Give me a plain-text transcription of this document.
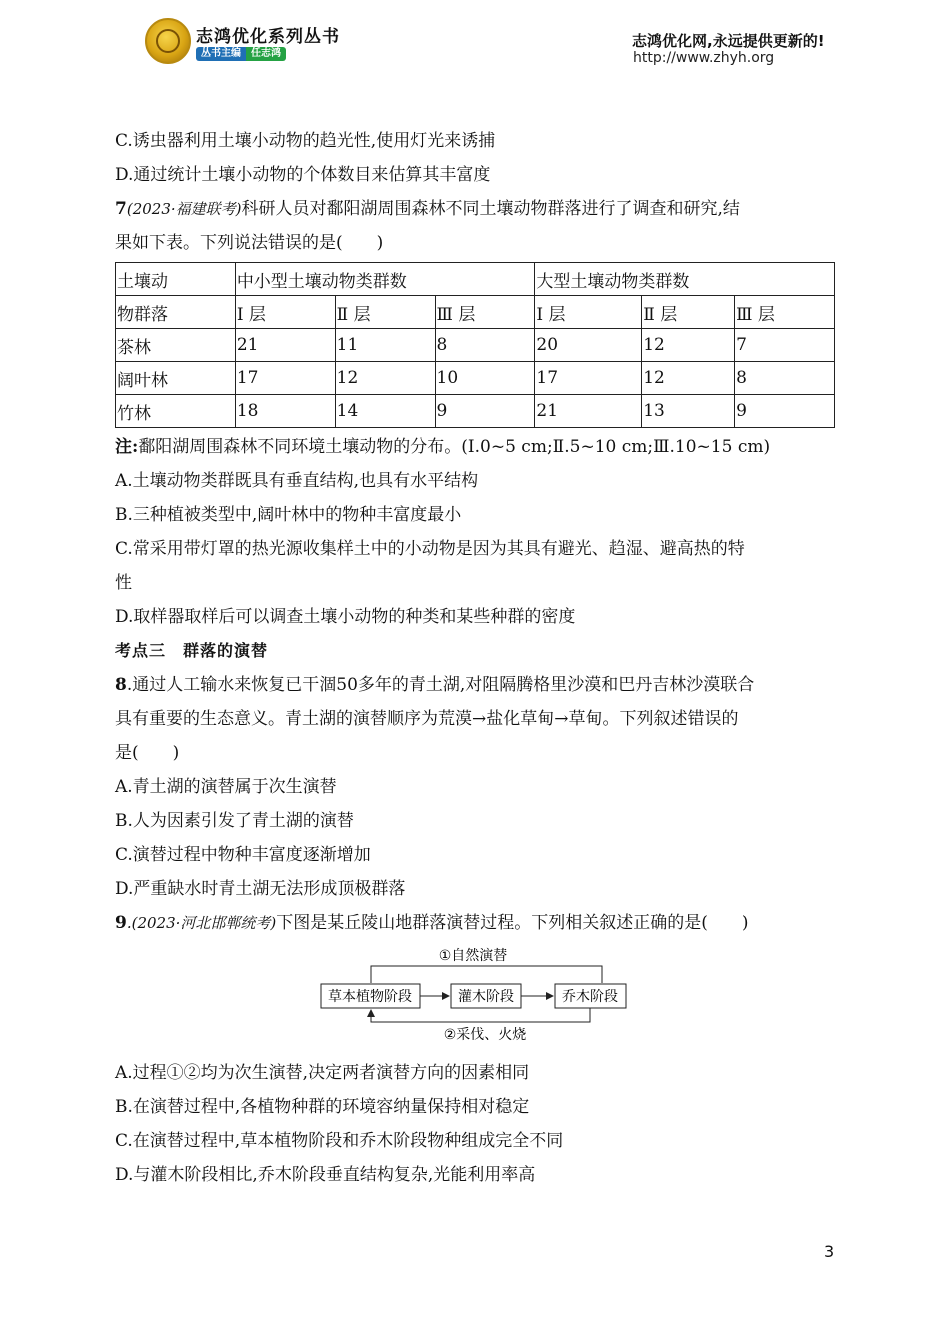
志鸿优化系列丛书
丛书主编	任志鸿
志鸿优化网,永远提供更新的!
http://www.zhyh.org
C.诱虫器利用土壤小动物的趋光性,使用灯光来诱捕
D.通过统计土壤小动物的个体数目来估算其丰富度
7(2023·福建联考)科研人员对鄱阳湖周围森林不同土壤动物群落进行了调查和研究,结
果如下表。下列说法错误的是(　　)
土壤动	中小型土壤动物类群数			大型土壤动物类群数		
物群落	Ⅰ 层	Ⅱ 层	Ⅲ 层	Ⅰ 层	Ⅱ 层	Ⅲ 层
茶林	21	11	8	20	12	7
阔叶林	17	12	10	17	12	8
竹林	18	14	9	21	13	9
注:鄱阳湖周围森林不同环境土壤动物的分布。(Ⅰ.0~5 cm;Ⅱ.5~10 cm;Ⅲ.10~15 cm)
A.土壤动物类群既具有垂直结构,也具有水平结构
B.三种植被类型中,阔叶林中的物种丰富度最小
C.常采用带灯罩的热光源收集样土中的小动物是因为其具有避光、趋湿、避高热的特
性
D.取样器取样后可以调查土壤小动物的种类和某些种群的密度
考点三　群落的演替
8.通过人工输水来恢复已干涸50多年的青土湖,对阻隔腾格里沙漠和巴丹吉林沙漠联合
具有重要的生态意义。青土湖的演替顺序为荒漠→盐化草甸→草甸。下列叙述错误的
是(　　)
A.青土湖的演替属于次生演替
B.人为因素引发了青土湖的演替
C.演替过程中物种丰富度逐渐增加
D.严重缺水时青土湖无法形成顶极群落
9.(2023·河北邯郸统考)下图是某丘陵山地群落演替过程。下列相关叙述正确的是(　　)
①自然演替
草本植物阶段	灌木阶段	乔木阶段
②采伐、火烧
A.过程①②均为次生演替,决定两者演替方向的因素相同
B.在演替过程中,各植物种群的环境容纳量保持相对稳定
C.在演替过程中,草本植物阶段和乔木阶段物种组成完全不同
D.与灌木阶段相比,乔木阶段垂直结构复杂,光能利用率高
3
